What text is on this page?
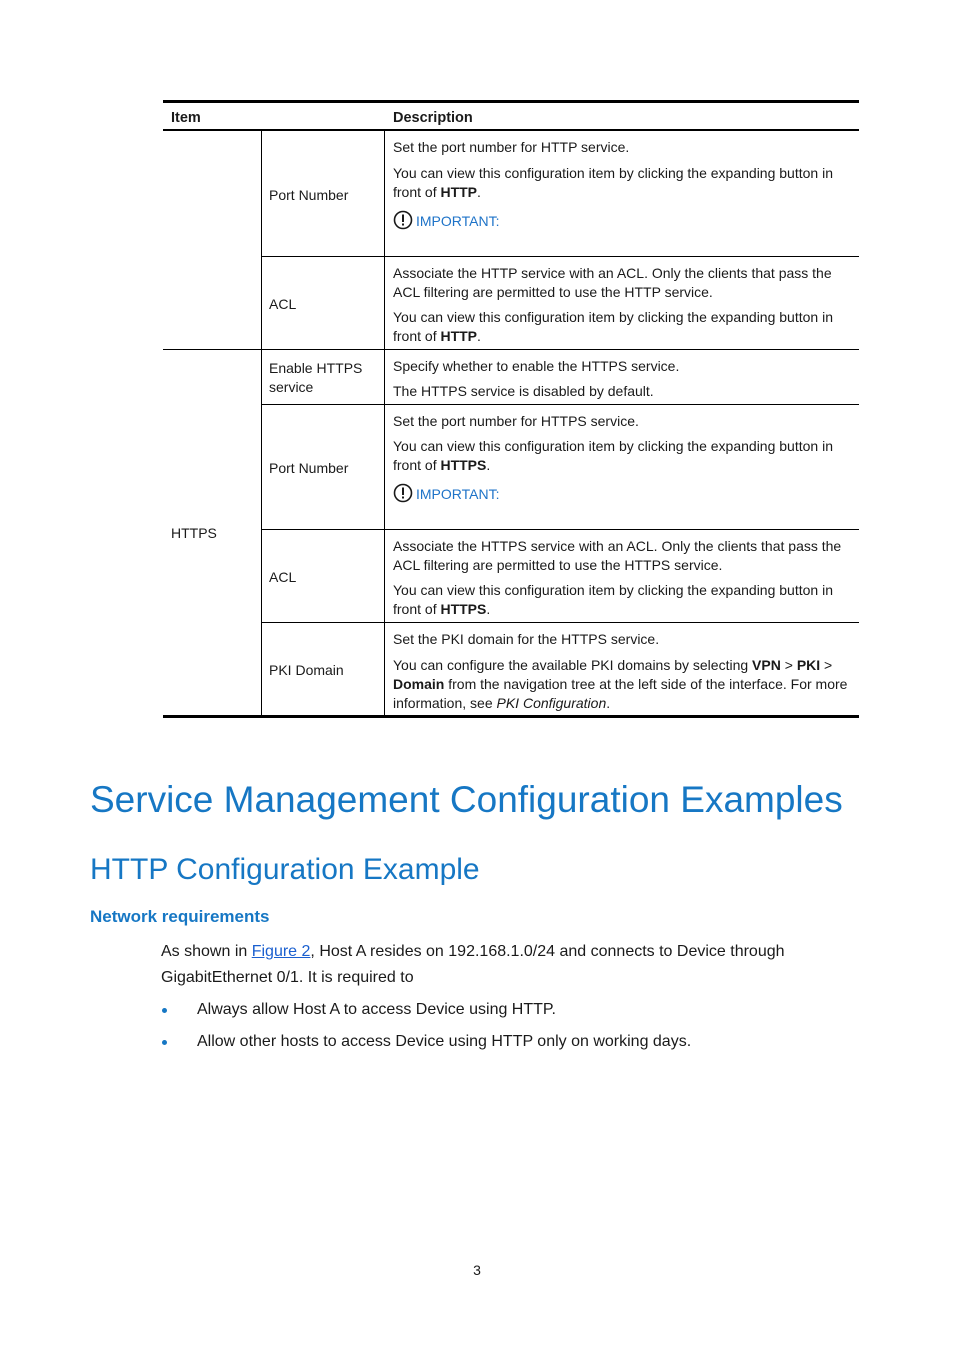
Item	Description
Port Number
Set the port number for HTTP service.
You can view this configuration item by clicking the expanding button in front of HTTP.
IMPORTANT:
ACL
Associate the HTTP service with an ACL. Only the clients that pass the ACL filtering are permitted to use the HTTP service.
You can view this configuration item by clicking the expanding button in front of HTTP.
HTTPS
Enable HTTPS service
Specify whether to enable the HTTPS service.
The HTTPS service is disabled by default.
Port Number
Set the port number for HTTPS service.
You can view this configuration item by clicking the expanding button in front of HTTPS.
IMPORTANT:
ACL
Associate the HTTPS service with an ACL. Only the clients that pass the ACL filtering are permitted to use the HTTPS service.
You can view this configuration item by clicking the expanding button in front of HTTPS.
PKI Domain
Set the PKI domain for the HTTPS service.
You can configure the available PKI domains by selecting VPN > PKI > Domain from the navigation tree at the left side of the interface. For more information, see PKI Configuration.
Service Management Configuration Examples
HTTP Configuration Example
Network requirements
As shown in Figure 2, Host A resides on 192.168.1.0/24 and connects to Device through GigabitEthernet 0/1. It is required to
Always allow Host A to access Device using HTTP.
Allow other hosts to access Device using HTTP only on working days.
3
